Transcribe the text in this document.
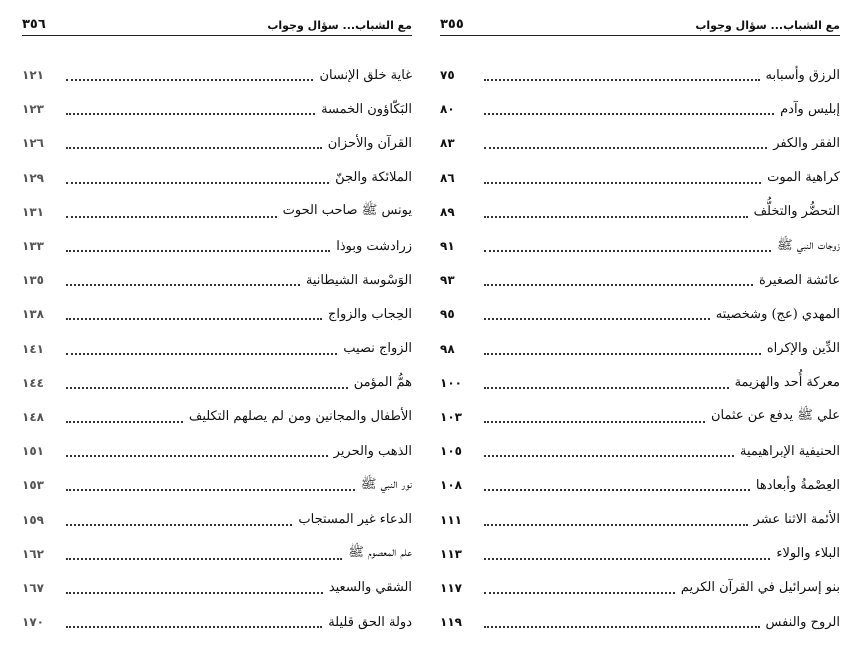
مع الشباب... سؤال وجواب
٣٥٦
غاية خلق الإنسان
١٢١
البَكّاؤون الخمسة
١٢٣
القرآن والأحزان
١٢٦
الملائكة والجنّ
١٢٩
يونس ﷺ صاحب الحوت
١٣١
زرادشت وبوذا
١٣٣
الوَسْوسة الشيطانية
١٣٥
الحِجاب والزواج
١٣٨
الزواج نصيب
١٤١
همُّ المؤمن
١٤٤
الأطفال والمجانين ومن لم يصلهم التكليف
١٤٨
الذهب والحرير
١٥١
نور النبي ﷺ
١٥٣
الدعاء غير المستجاب
١٥٩
علم المعصوم ﷺ
١٦٢
الشقي والسعيد
١٦٧
دولة الحق قليلة
١٧٠
مع الشباب... سؤال وجواب
٣٥٥
الرزق وأسبابه
٧٥
إبليس وآدم
٨٠
الفقر والكفر
٨٣
كراهية الموت
٨٦
التحضُّر والتخلُّف
٨٩
زوجات النبي ﷺ
٩١
عائشة الصغيرة
٩٣
المهدي (عج) وشخصيته
٩٥
الدِّين والإكراه
٩٨
معركة أُحد والهزيمة
١٠٠
علي ﷺ يدفع عن عثمان
١٠٣
الحنيفية الإبراهيمية
١٠٥
العِصْمةُ وأبعادها
١٠٨
الأئمة الاثنا عشر
١١١
البلاء والولاء
١١٣
بنو إسرائيل في القرآن الكريم
١١٧
الروح والنفس
١١٩
